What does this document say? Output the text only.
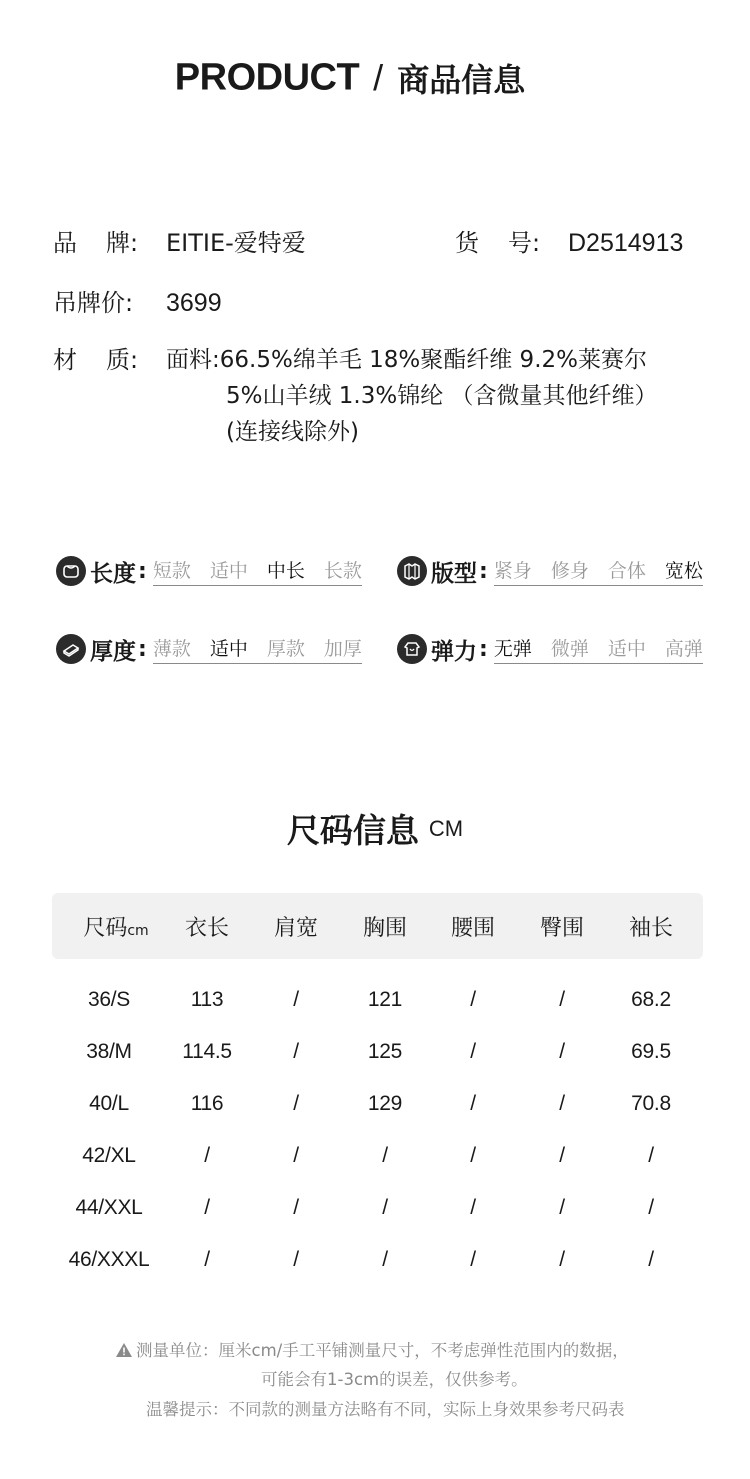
PRODUCT / 商品信息
品 牌: EITIE-爱特爱	货 号: D2514913
吊牌价: 3699
材 质: 面料:66.5%绵羊毛 18%聚酯纤维 9.2%莱赛尔
5%山羊绒 1.3%锦纶 （含微量其他纤维）
(连接线除外)
长度 : 短款 适中 中长 长款	版型 : 紧身 修身 合体 宽松
厚度 : 薄款 适中 厚款 加厚	弹力 : 无弹 微弹 适中 高弹
尺码信息 CM
尺码cm	衣长	肩宽	胸围	腰围	臀围	袖长
36/S	113	/	121	/	/	68.2
38/M	114.5	/	125	/	/	69.5
40/L	116	/	129	/	/	70.8
42/XL	/	/	/	/	/	/
44/XXL	/	/	/	/	/	/
46/XXXL	/	/	/	/	/	/
测量单位：厘米cm/手工平铺测量尺寸，不考虑弹性范围内的数据，
可能会有1-3cm的误差，仅供参考。
温馨提示：不同款的测量方法略有不同，实际上身效果参考尺码表
